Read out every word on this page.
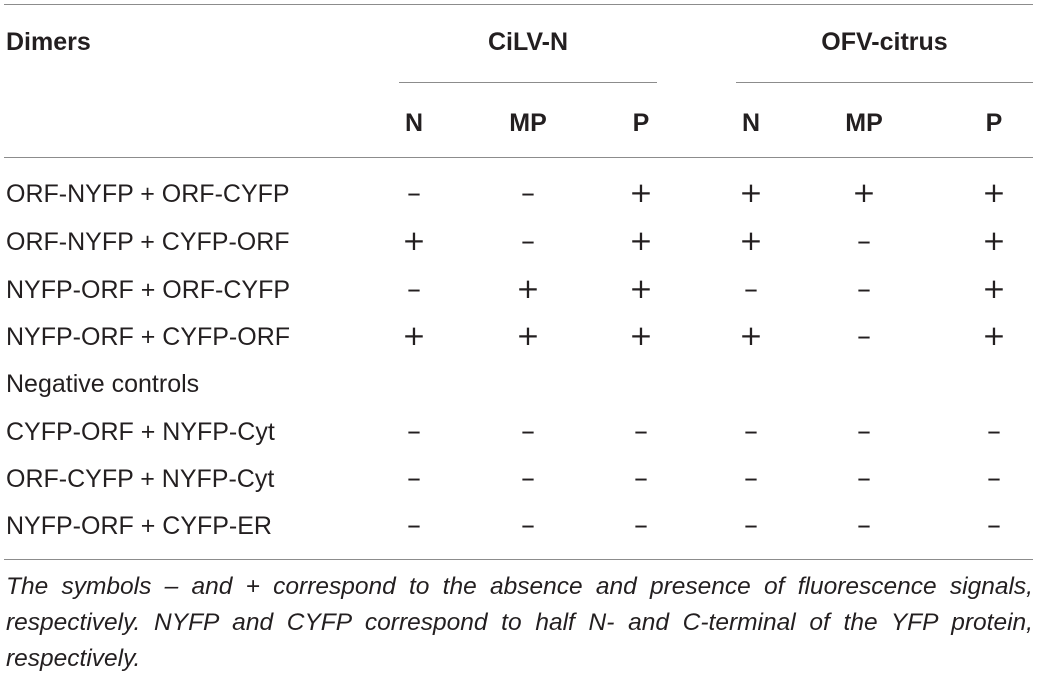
Dimers	CiLV-N	OFV-citrus
N	MP	P	N	MP	P
ORF-NYFP + ORF-CYFP	–	–	+	+	+	+
ORF-NYFP + CYFP-ORF	+	–	+	+	–	+
NYFP-ORF + ORF-CYFP	–	+	+	–	–	+
NYFP-ORF + CYFP-ORF	+	+	+	+	–	+
Negative controls
CYFP-ORF + NYFP-Cyt	–	–	–	–	–	–
ORF-CYFP + NYFP-Cyt	–	–	–	–	–	–
NYFP-ORF + CYFP-ER	–	–	–	–	–	–
The symbols – and + correspond to the absence and presence of fluorescence signals, respectively. NYFP and CYFP correspond to half N- and C-terminal of the YFP protein, respectively.
